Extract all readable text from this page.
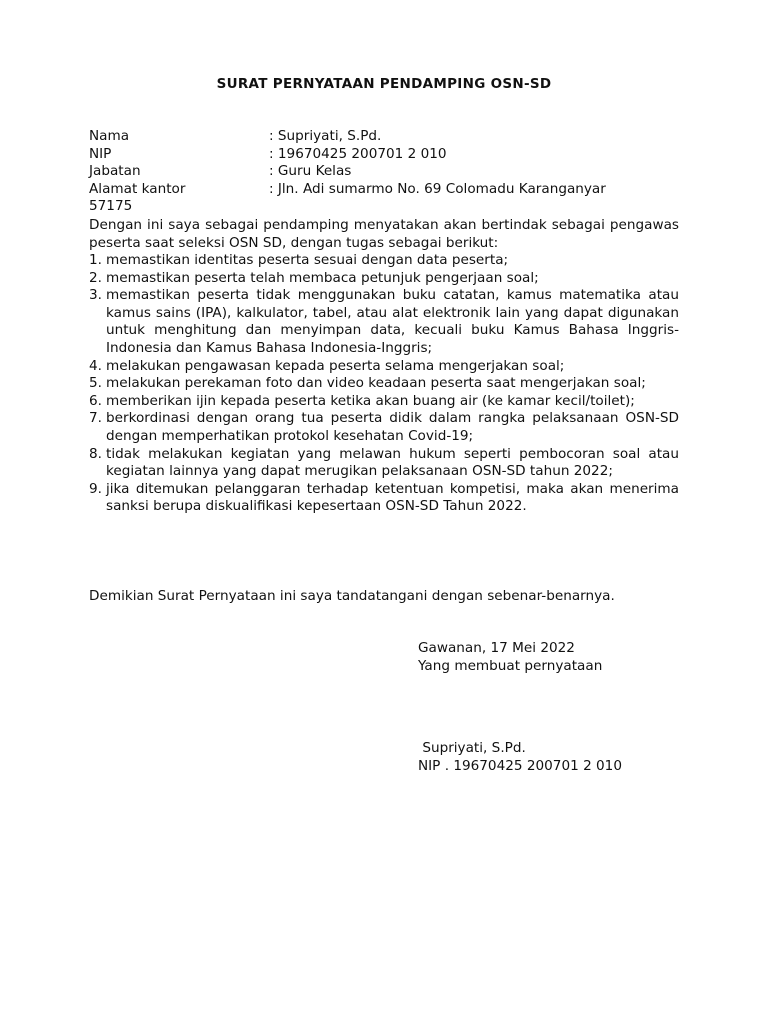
SURAT PERNYATAAN PENDAMPING OSN-SD
Nama	: Supriyati, S.Pd.
NIP	: 19670425 200701 2 010
Jabatan	: Guru Kelas
Alamat kantor	: Jln. Adi sumarmo No. 69 Colomadu Karanganyar
57175
Dengan ini saya sebagai pendamping menyatakan akan bertindak sebagai pengawas peserta saat seleksi OSN SD, dengan tugas sebagai berikut:
1. memastikan identitas peserta sesuai dengan data peserta;
2. memastikan peserta telah membaca petunjuk pengerjaan soal;
3. memastikan peserta tidak menggunakan buku catatan, kamus matematika atau kamus sains (IPA), kalkulator, tabel, atau alat elektronik lain yang dapat digunakan untuk menghitung dan menyimpan data, kecuali buku Kamus Bahasa Inggris-Indonesia dan Kamus Bahasa Indonesia-Inggris;
4. melakukan pengawasan kepada peserta selama mengerjakan soal;
5. melakukan perekaman foto dan video keadaan peserta saat mengerjakan soal;
6. memberikan ijin kepada peserta ketika akan buang air (ke kamar kecil/toilet);
7. berkordinasi dengan orang tua peserta didik dalam rangka pelaksanaan OSN-SD dengan memperhatikan protokol kesehatan Covid-19;
8. tidak melakukan kegiatan yang melawan hukum seperti pembocoran soal atau kegiatan lainnya yang dapat merugikan pelaksanaan OSN-SD tahun 2022;
9. jika ditemukan pelanggaran terhadap ketentuan kompetisi, maka akan menerima sanksi berupa diskualifikasi kepesertaan OSN-SD Tahun 2022.
Demikian Surat Pernyataan ini saya tandatangani dengan sebenar-benarnya.
Gawanan, 17 Mei 2022
Yang membuat pernyataan
Supriyati, S.Pd.
NIP . 19670425 200701 2 010
